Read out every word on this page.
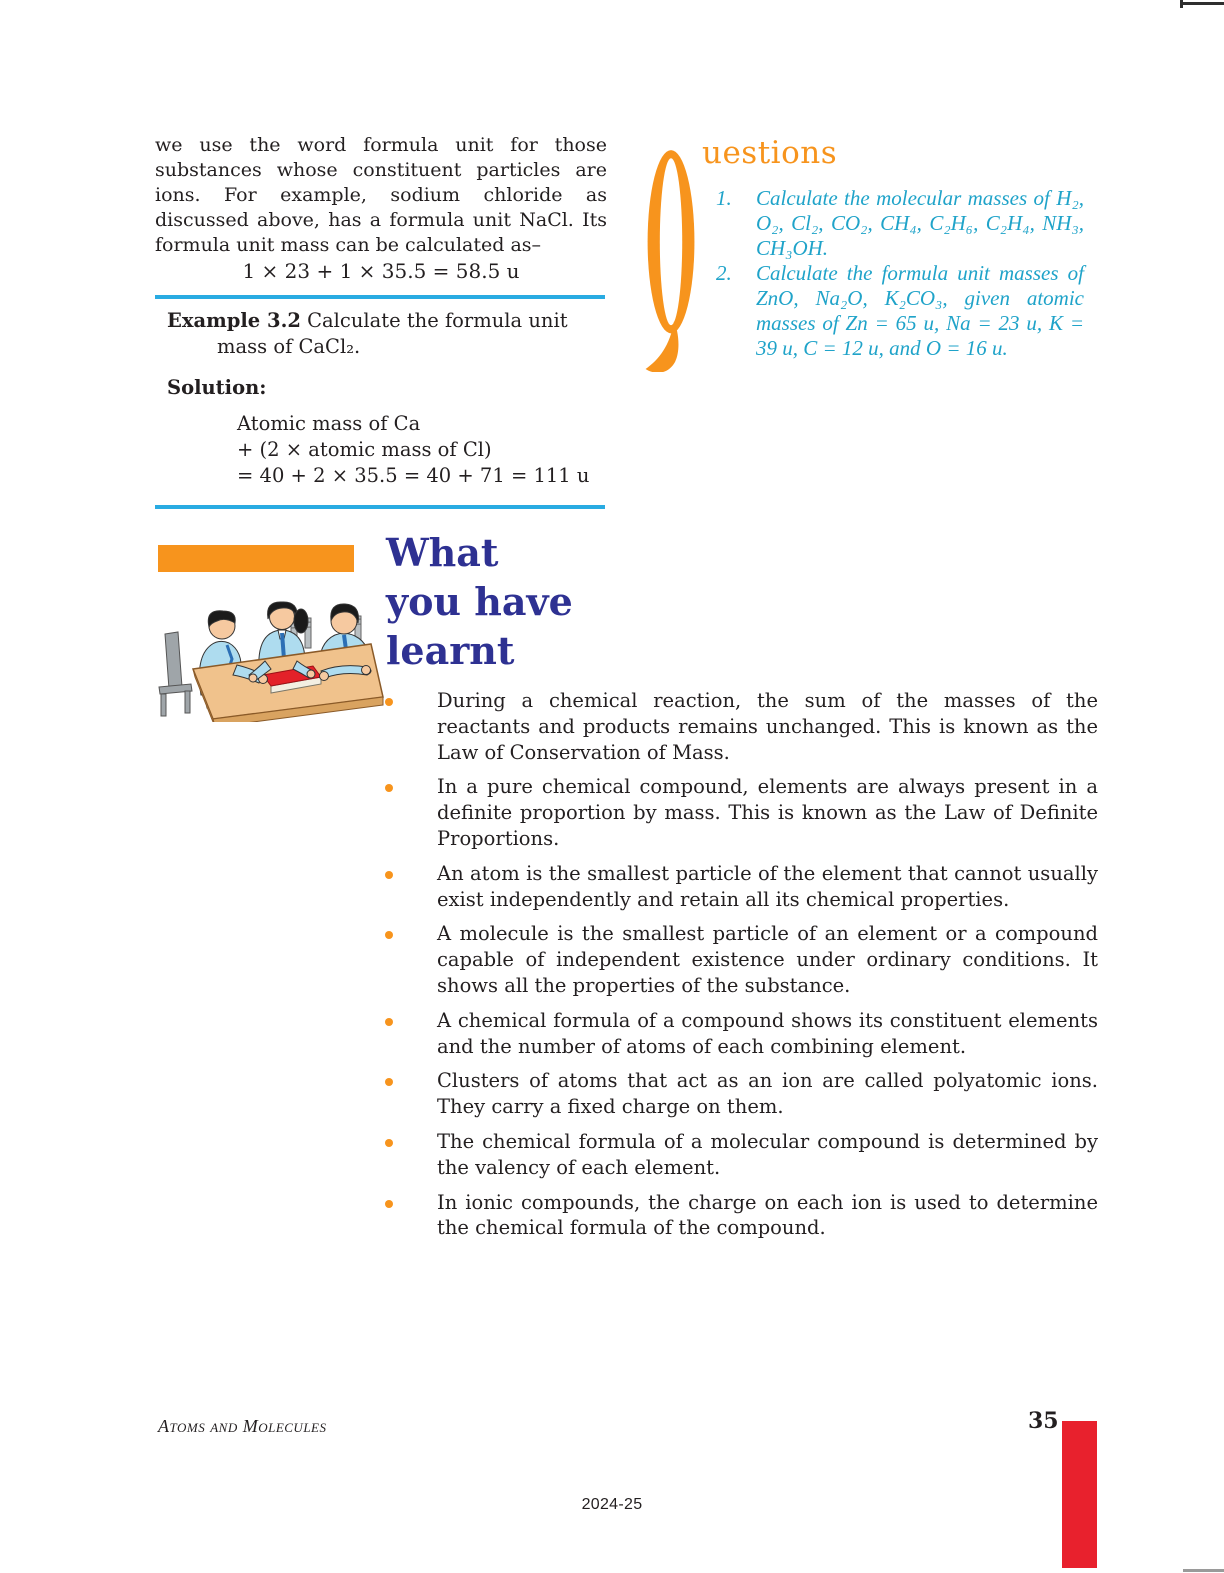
we use the word formula unit for those substances whose constituent particles are ions. For example, sodium chloride as discussed above, has a formula unit NaCl. Its formula unit mass can be calculated as–

1 × 23 + 1 × 35.5 = 58.5 u

Example 3.2 Calculate the formula unit mass of CaCl₂.

Solution:

Atomic mass of Ca
+ (2 × atomic mass of Cl)
= 40 + 2 × 35.5 = 40 + 71 = 111 u
uestions
1.	Calculate the molecular masses of H₂, O₂, Cl₂, CO₂, CH₄, C₂H₆, C₂H₄, NH₃, CH₃OH.
2.	Calculate the formula unit masses of ZnO, Na₂O, K₂CO₃, given atomic masses of Zn = 65 u, Na = 23 u, K = 39 u, C = 12 u, and O = 16 u.
What
you have
learnt
During a chemical reaction, the sum of the masses of the reactants and products remains unchanged. This is known as the Law of Conservation of Mass.
In a pure chemical compound, elements are always present in a definite proportion by mass. This is known as the Law of Definite Proportions.
An atom is the smallest particle of the element that cannot usually exist independently and retain all its chemical properties.
A molecule is the smallest particle of an element or a compound capable of independent existence under ordinary conditions. It shows all the properties of the substance.
A chemical formula of a compound shows its constituent elements and the number of atoms of each combining element.
Clusters of atoms that act as an ion are called polyatomic ions. They carry a fixed charge on them.
The chemical formula of a molecular compound is determined by the valency of each element.
In ionic compounds, the charge on each ion is used to determine the chemical formula of the compound.
Atoms and Molecules	35
2024-25
